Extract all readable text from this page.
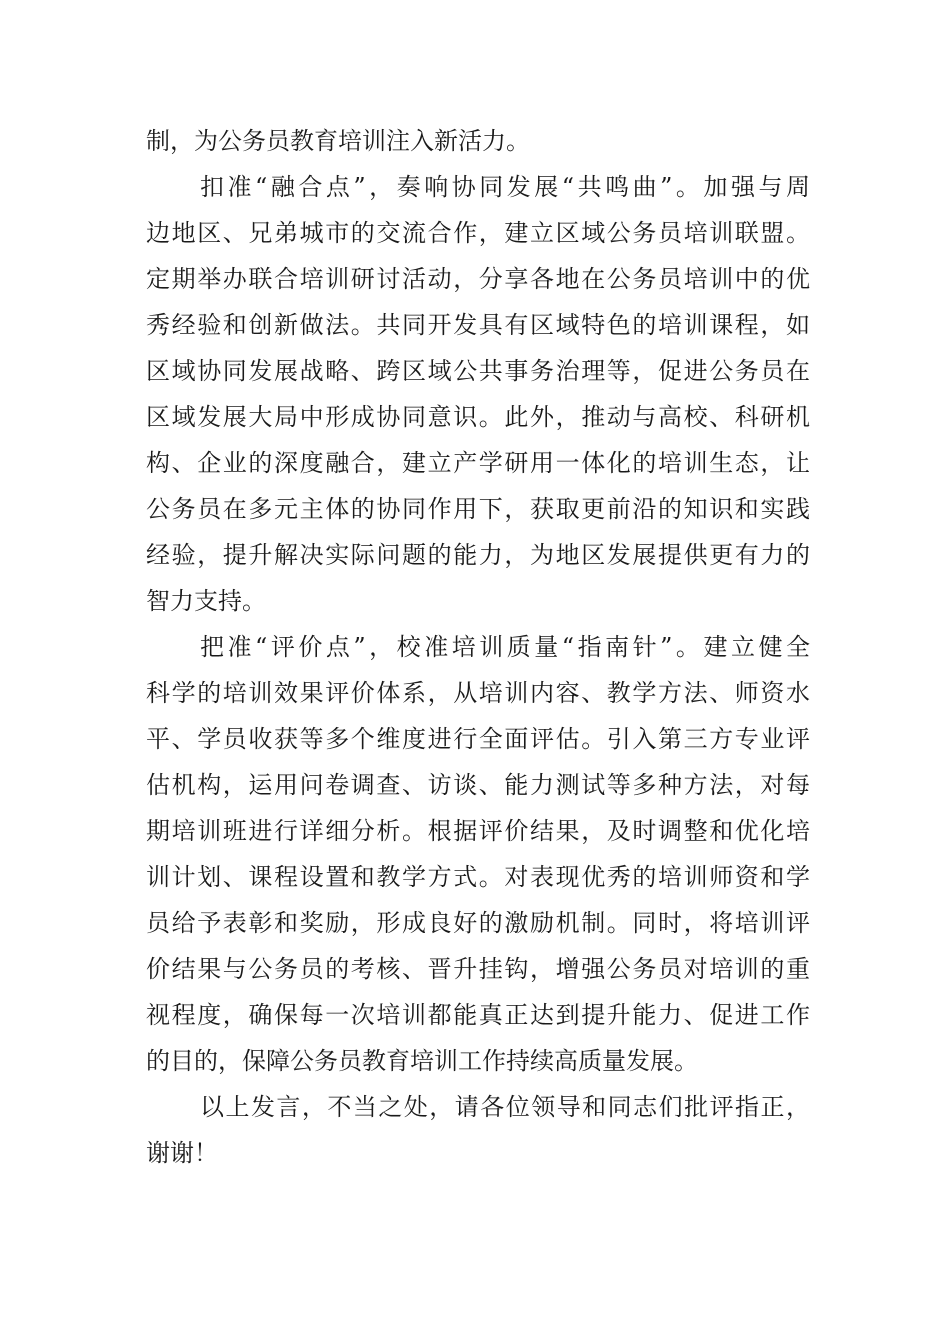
制，为公务员教育培训注入新活力。
扣准“融合点”，奏响协同发展“共鸣曲”。加强与周
边地区、兄弟城市的交流合作，建立区域公务员培训联盟。
定期举办联合培训研讨活动，分享各地在公务员培训中的优
秀经验和创新做法。共同开发具有区域特色的培训课程，如
区域协同发展战略、跨区域公共事务治理等，促进公务员在
区域发展大局中形成协同意识。此外，推动与高校、科研机
构、企业的深度融合，建立产学研用一体化的培训生态，让
公务员在多元主体的协同作用下，获取更前沿的知识和实践
经验，提升解决实际问题的能力，为地区发展提供更有力的
智力支持。
把准“评价点”，校准培训质量“指南针”。建立健全
科学的培训效果评价体系，从培训内容、教学方法、师资水
平、学员收获等多个维度进行全面评估。引入第三方专业评
估机构，运用问卷调查、访谈、能力测试等多种方法，对每
期培训班进行详细分析。根据评价结果，及时调整和优化培
训计划、课程设置和教学方式。对表现优秀的培训师资和学
员给予表彰和奖励，形成良好的激励机制。同时，将培训评
价结果与公务员的考核、晋升挂钩，增强公务员对培训的重
视程度，确保每一次培训都能真正达到提升能力、促进工作
的目的，保障公务员教育培训工作持续高质量发展。
以上发言，不当之处，请各位领导和同志们批评指正，
谢谢！
